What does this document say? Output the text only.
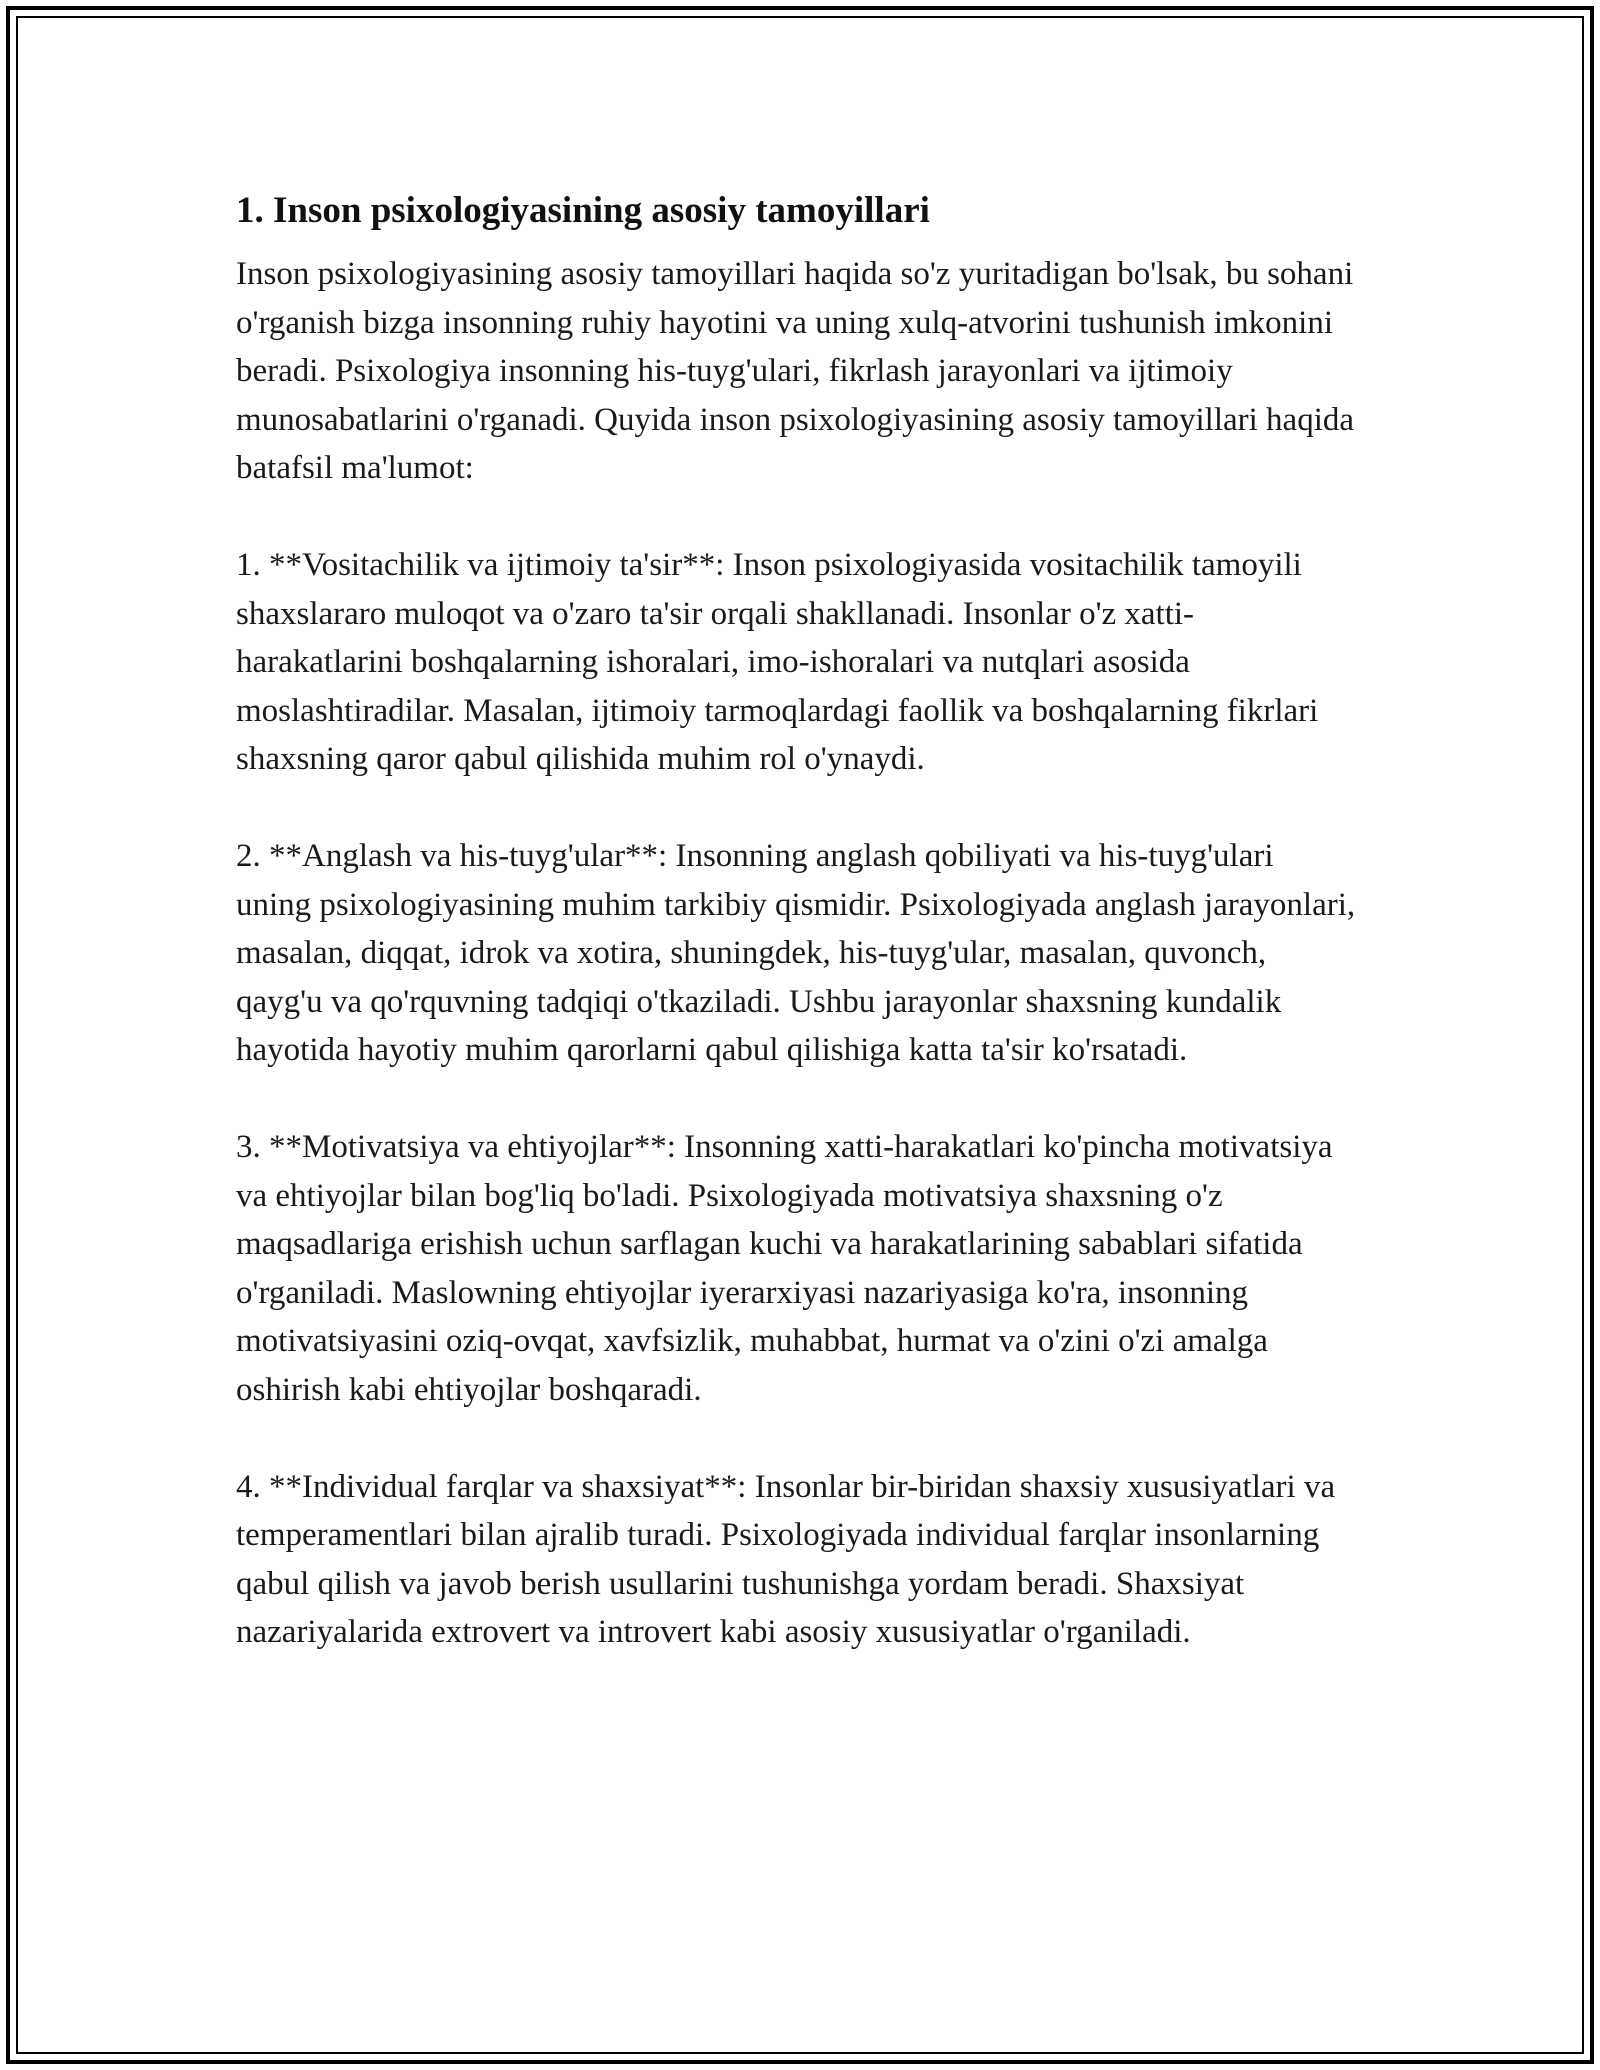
1. Inson psixologiyasining asosiy tamoyillari

Inson psixologiyasining asosiy tamoyillari haqida so'z yuritadigan bo'lsak, bu sohani o'rganish bizga insonning ruhiy hayotini va uning xulq-atvorini tushunish imkonini beradi. Psixologiya insonning his-tuyg'ulari, fikrlash jarayonlari va ijtimoiy munosabatlarini o'rganadi. Quyida inson psixologiyasining asosiy tamoyillari haqida batafsil ma'lumot:

1. **Vositachilik va ijtimoiy ta'sir**: Inson psixologiyasida vositachilik tamoyili shaxslararo muloqot va o'zaro ta'sir orqali shakllanadi. Insonlar o'z xatti-harakatlarini boshqalarning ishoralari, imo-ishoralari va nutqlari asosida moslashtiradilar. Masalan, ijtimoiy tarmoqlardagi faollik va boshqalarning fikrlari shaxsning qaror qabul qilishida muhim rol o'ynaydi.

2. **Anglash va his-tuyg'ular**: Insonning anglash qobiliyati va his-tuyg'ulari uning psixologiyasining muhim tarkibiy qismidir. Psixologiyada anglash jarayonlari, masalan, diqqat, idrok va xotira, shuningdek, his-tuyg'ular, masalan, quvonch, qayg'u va qo'rquvning tadqiqi o'tkaziladi. Ushbu jarayonlar shaxsning kundalik hayotida hayotiy muhim qarorlarni qabul qilishiga katta ta'sir ko'rsatadi.

3. **Motivatsiya va ehtiyojlar**: Insonning xatti-harakatlari ko'pincha motivatsiya va ehtiyojlar bilan bog'liq bo'ladi. Psixologiyada motivatsiya shaxsning o'z maqsadlariga erishish uchun sarflagan kuchi va harakatlarining sabablari sifatida o'rganiladi. Maslowning ehtiyojlar iyerarxiyasi nazariyasiga ko'ra, insonning motivatsiyasini oziq-ovqat, xavfsizlik, muhabbat, hurmat va o'zini o'zi amalga oshirish kabi ehtiyojlar boshqaradi.

4. **Individual farqlar va shaxsiyat**: Insonlar bir-biridan shaxsiy xususiyatlari va temperamentlari bilan ajralib turadi. Psixologiyada individual farqlar insonlarning qabul qilish va javob berish usullarini tushunishga yordam beradi. Shaxsiyat nazariyalarida extrovert va introvert kabi asosiy xususiyatlar o'rganiladi.
